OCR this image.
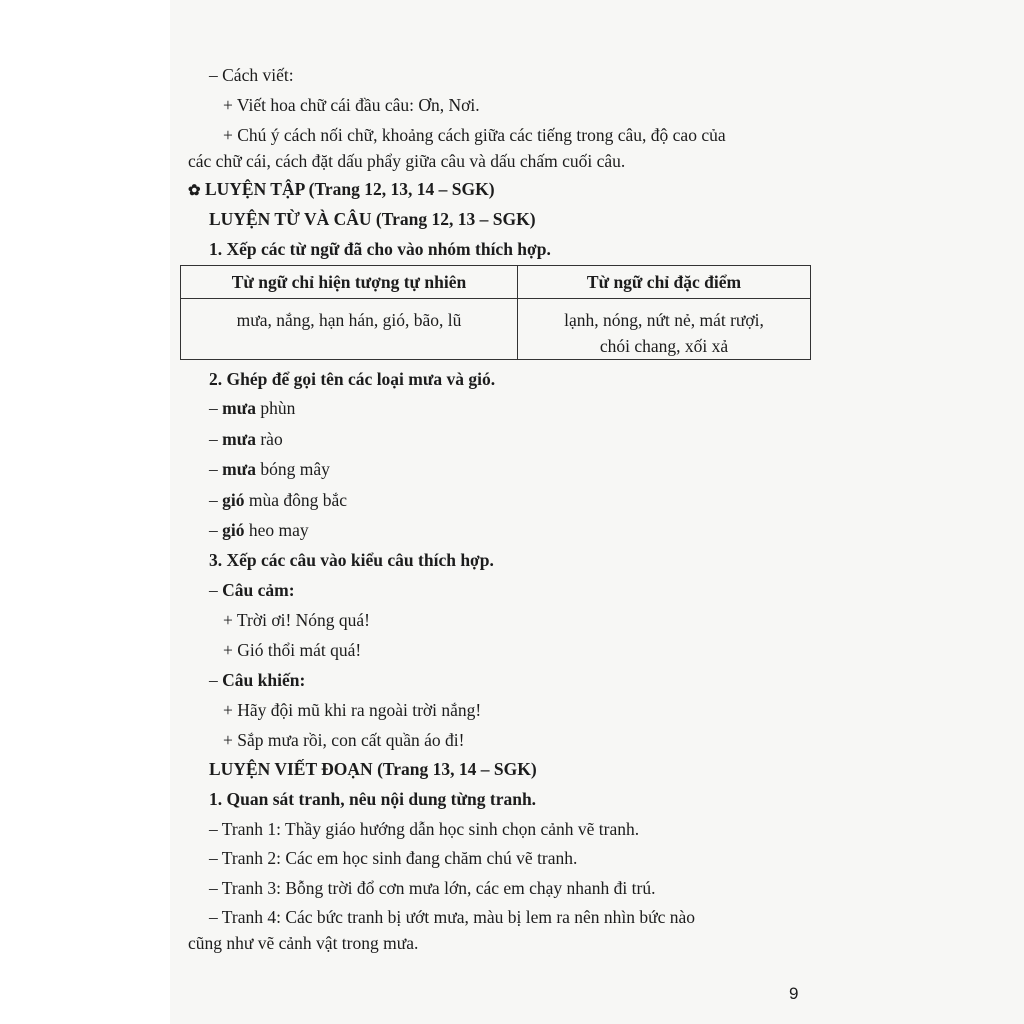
– Cách viết:
+ Viết hoa chữ cái đầu câu: Ơn, Nơi.
+ Chú ý cách nối chữ, khoảng cách giữa các tiếng trong câu, độ cao của
các chữ cái, cách đặt dấu phẩy giữa câu và dấu chấm cuối câu.
✿ LUYỆN TẬP (Trang 12, 13, 14 – SGK)
LUYỆN TỪ VÀ CÂU (Trang 12, 13 – SGK)
1. Xếp các từ ngữ đã cho vào nhóm thích hợp.
Từ ngữ chỉ hiện tượng tự nhiên	Từ ngữ chỉ đặc điểm
mưa, nắng, hạn hán, gió, bão, lũ	lạnh, nóng, nứt nẻ, mát rượi,
chói chang, xối xả
2. Ghép để gọi tên các loại mưa và gió.
– mưa phùn
– mưa rào
– mưa bóng mây
– gió mùa đông bắc
– gió heo may
3. Xếp các câu vào kiểu câu thích hợp.
– Câu cảm:
+ Trời ơi! Nóng quá!
+ Gió thổi mát quá!
– Câu khiến:
+ Hãy đội mũ khi ra ngoài trời nắng!
+ Sắp mưa rồi, con cất quần áo đi!
LUYỆN VIẾT ĐOẠN (Trang 13, 14 – SGK)
1. Quan sát tranh, nêu nội dung từng tranh.
– Tranh 1: Thầy giáo hướng dẫn học sinh chọn cảnh vẽ tranh.
– Tranh 2: Các em học sinh đang chăm chú vẽ tranh.
– Tranh 3: Bỗng trời đổ cơn mưa lớn, các em chạy nhanh đi trú.
– Tranh 4: Các bức tranh bị ướt mưa, màu bị lem ra nên nhìn bức nào
cũng như vẽ cảnh vật trong mưa.
9
